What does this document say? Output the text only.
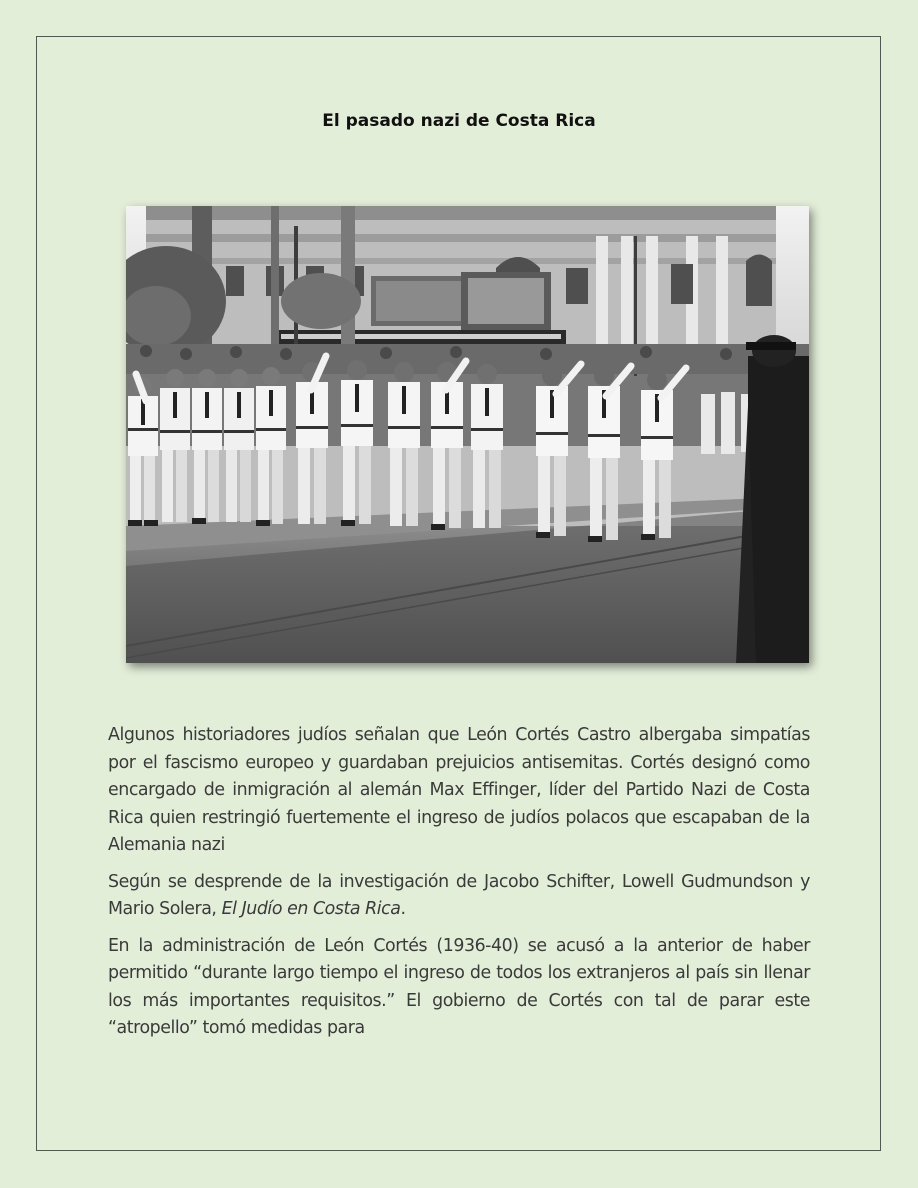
El pasado nazi de Costa Rica

Algunos historiadores judíos señalan que León Cortés Castro albergaba simpatías por el fascismo europeo y guardaban prejuicios antisemitas. Cortés designó como encargado de inmigración al alemán Max Effinger, líder del Partido Nazi de Costa Rica quien restringió fuertemente el ingreso de judíos polacos que escapaban de la Alemania nazi

Según se desprende de la investigación de Jacobo Schifter, Lowell Gudmundson y Mario Solera, El Judío en Costa Rica.

En la administración de León Cortés (1936-40) se acusó a la anterior de haber permitido “durante largo tiempo el ingreso de todos los extranjeros al país sin llenar los más importantes requisitos.” El gobierno de Cortés con tal de parar este “atropello” tomó medidas para
